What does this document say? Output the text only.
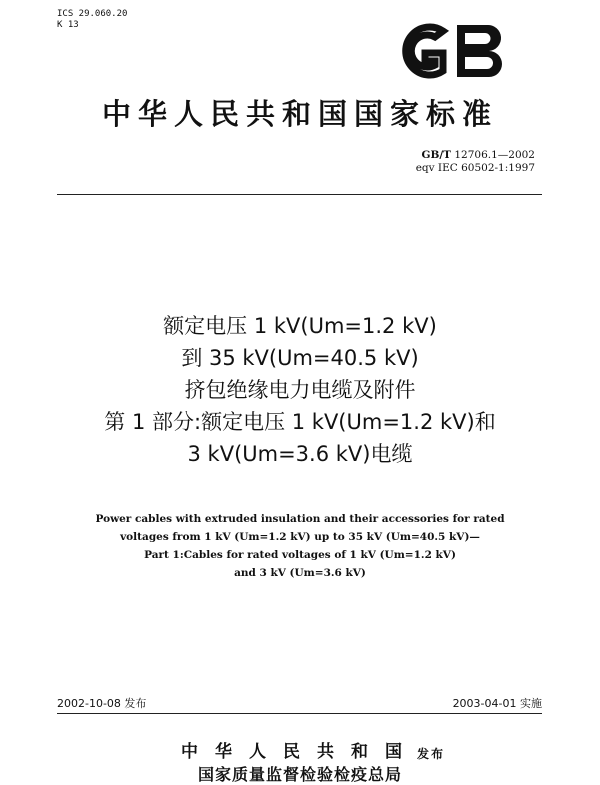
ICS 29.060.20
K 13
GB
中华人民共和国国家标准
GB/T 12706.1—2002
eqv IEC 60502-1:1997
额定电压 1 kV(Um=1.2 kV)
到 35 kV(Um=40.5 kV)
挤包绝缘电力电缆及附件
第 1 部分:额定电压 1 kV(Um=1.2 kV)和
3 kV(Um=3.6 kV)电缆
Power cables with extruded insulation and their accessories for rated
voltages from 1 kV (Um=1.2 kV) up to 35 kV (Um=40.5 kV)—
Part 1:Cables for rated voltages of 1 kV (Um=1.2 kV)
and 3 kV (Um=3.6 kV)
2002-10-08 发布	2003-04-01 实施
中华人民共和国
国家质量监督检验检疫总局
发布
